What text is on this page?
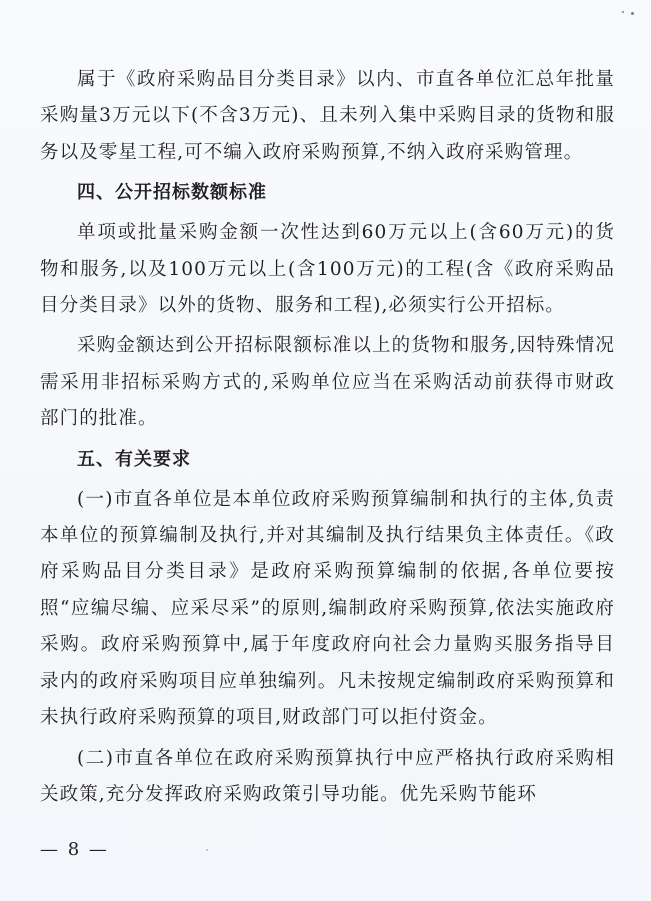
属于《政府采购品目分类目录》以内、市直各单位汇总年批量采购量3万元以下(不含3万元)、且未列入集中采购目录的货物和服务以及零星工程,可不编入政府采购预算,不纳入政府采购管理。

四、公开招标数额标准

单项或批量采购金额一次性达到60万元以上(含60万元)的货物和服务,以及100万元以上(含100万元)的工程(含《政府采购品目分类目录》以外的货物、服务和工程),必须实行公开招标。

采购金额达到公开招标限额标准以上的货物和服务,因特殊情况需采用非招标采购方式的,采购单位应当在采购活动前获得市财政部门的批准。

五、有关要求

(一)市直各单位是本单位政府采购预算编制和执行的主体,负责本单位的预算编制及执行,并对其编制及执行结果负主体责任。《政府采购品目分类目录》是政府采购预算编制的依据,各单位要按照“应编尽编、应采尽采”的原则,编制政府采购预算,依法实施政府采购。政府采购预算中,属于年度政府向社会力量购买服务指导目录内的政府采购项目应单独编列。凡未按规定编制政府采购预算和未执行政府采购预算的项目,财政部门可以拒付资金。

(二)市直各单位在政府采购预算执行中应严格执行政府采购相关政策,充分发挥政府采购政策引导功能。优先采购节能环

— 8 —
